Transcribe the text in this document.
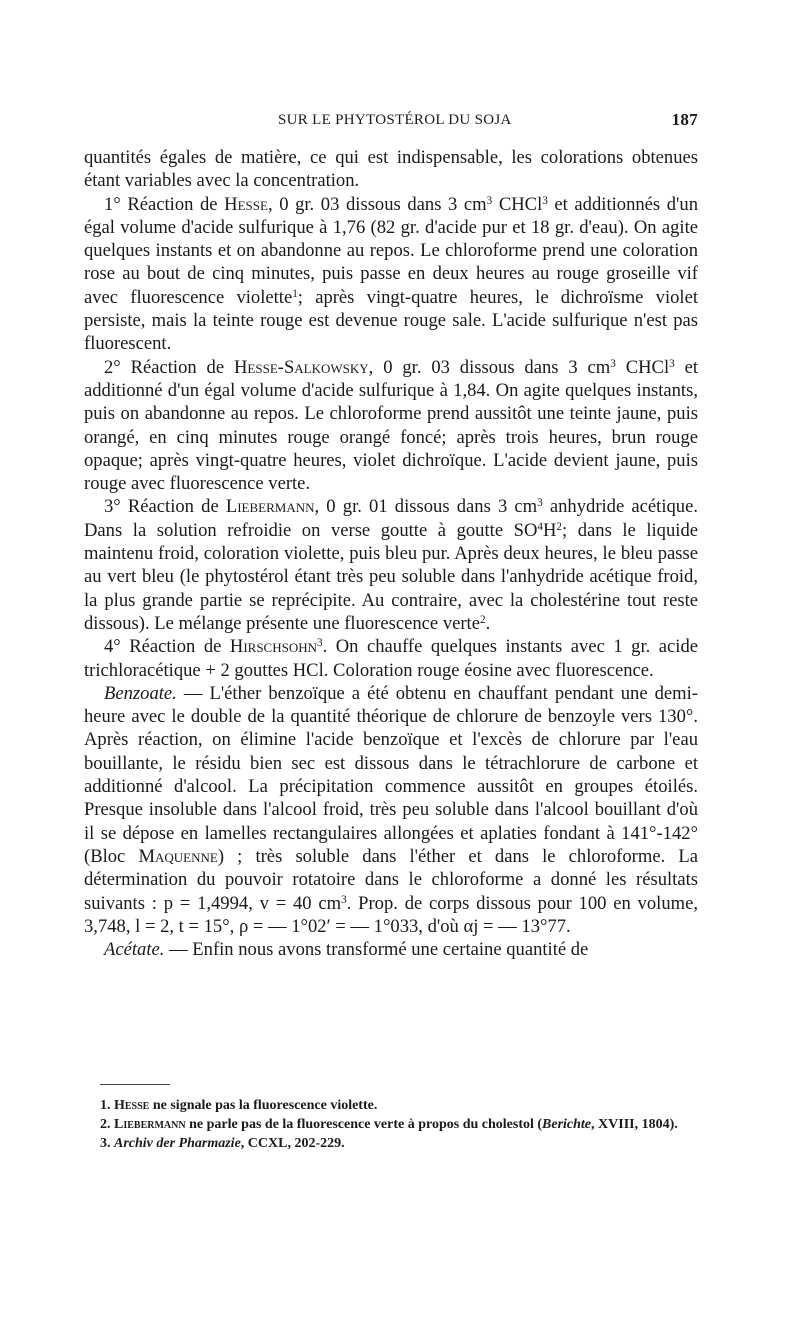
SUR LE PHYTOSTÉROL DU SOJA	187

quantités égales de matière, ce qui est indispensable, les colorations obtenues étant variables avec la concentration.

1° Réaction de Hesse, 0 gr. 03 dissous dans 3 $cm^3$ CHCl$^3$ et additionnés d'un égal volume d'acide sulfurique à 1,76 (82 gr. d'acide pur et 18 gr. d'eau). On agite quelques instants et on abandonne au repos. Le chloroforme prend une coloration rose au bout de cinq minutes, puis passe en deux heures au rouge groseille vif avec fluorescence violette$^1$; après vingt-quatre heures, le dichroïsme violet persiste, mais la teinte rouge est devenue rouge sale. L'acide sulfurique n'est pas fluorescent.

2° Réaction de Hesse-Salkowsky, 0 gr. 03 dissous dans 3 $cm^3$ CHCl$^3$ et additionné d'un égal volume d'acide sulfurique à 1,84. On agite quelques instants, puis on abandonne au repos. Le chloroforme prend aussitôt une teinte jaune, puis orangé, en cinq minutes rouge orangé foncé; après trois heures, brun rouge opaque; après vingt-quatre heures, violet dichroïque. L'acide devient jaune, puis rouge avec fluorescence verte.

3° Réaction de Liebermann, 0 gr. 01 dissous dans 3 $cm^3$ anhydride acétique. Dans la solution refroidie on verse goutte à goutte $SO^4H^2$; dans le liquide maintenu froid, coloration violette, puis bleu pur. Après deux heures, le bleu passe au vert bleu (le phytostérol étant très peu soluble dans l'anhydride acétique froid, la plus grande partie se reprécipite. Au contraire, avec la cholestérine tout reste dissous). Le mélange présente une fluorescence verte$^2$.

4° Réaction de Hirschsohn$^3$. On chauffe quelques instants avec 1 gr. acide trichloracétique + 2 gouttes HCl. Coloration rouge éosine avec fluorescence.

Benzoate. — L'éther benzoïque a été obtenu en chauffant pendant une demi-heure avec le double de la quantité théorique de chlorure de benzoyle vers 130°. Après réaction, on élimine l'acide benzoïque et l'excès de chlorure par l'eau bouillante, le résidu bien sec est dissous dans le tétrachlorure de carbone et additionné d'alcool. La précipitation commence aussitôt en groupes étoilés. Presque insoluble dans l'alcool froid, très peu soluble dans l'alcool bouillant d'où il se dépose en lamelles rectangulaires allongées et aplaties fondant à 141°-142° (Bloc Maquenne) ; très soluble dans l'éther et dans le chloroforme. La détermination du pouvoir rotatoire dans le chloroforme a donné les résultats suivants : p = 1,4994, v = 40 $cm^3$. Prop. de corps dissous pour 100 en volume, 3,748, l = 2, t = 15°, ρ = — 1°02′ = — 1°033, d'où αj = — 13°77.

Acétate. — Enfin nous avons transformé une certaine quantité de

1. Hesse ne signale pas la fluorescence violette.

2. Liebermann ne parle pas de la fluorescence verte à propos du cholestol (Berichte, XVIII, 1804).

3. Archiv der Pharmazie, CCXL, 202-229.
